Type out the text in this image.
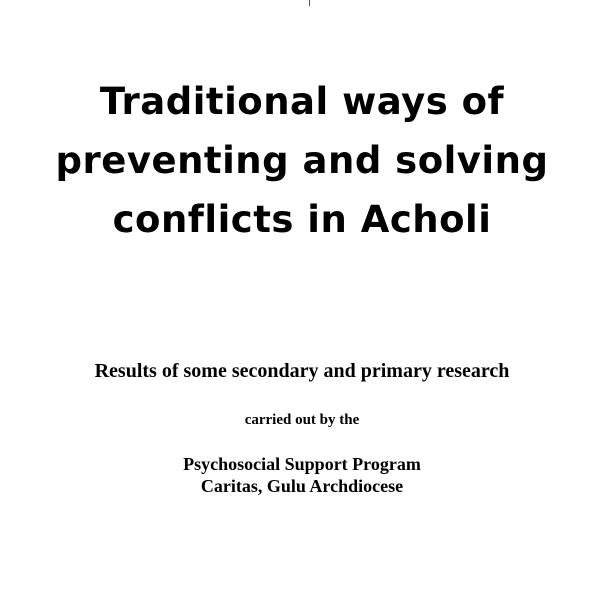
Traditional ways of
preventing and solving
conflicts in Acholi
Results of some secondary and primary research
carried out by the
Psychosocial Support Program
Caritas, Gulu Archdiocese
